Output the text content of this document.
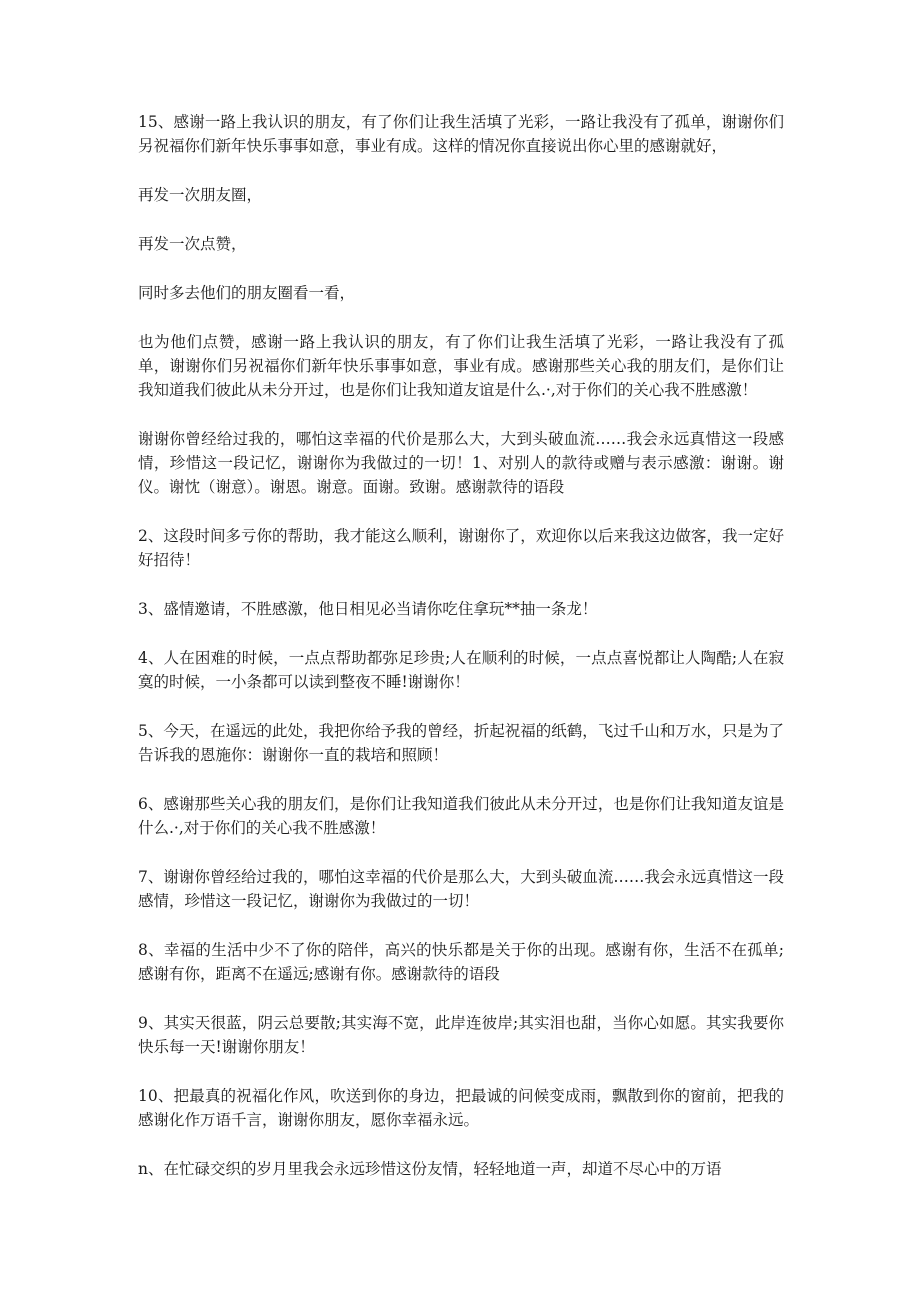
15、感谢一路上我认识的朋友，有了你们让我生活填了光彩，一路让我没有了孤单，谢谢你们另祝福你们新年快乐事事如意，事业有成。这样的情况你直接说出你心里的感谢就好，

再发一次朋友圈，

再发一次点赞，

同时多去他们的朋友圈看一看，

也为他们点赞，感谢一路上我认识的朋友，有了你们让我生活填了光彩，一路让我没有了孤单，谢谢你们另祝福你们新年快乐事事如意，事业有成。感谢那些关心我的朋友们，是你们让我知道我们彼此从未分开过，也是你们让我知道友谊是什么.·,对于你们的关心我不胜感激！

谢谢你曾经给过我的，哪怕这幸福的代价是那么大，大到头破血流……我会永远真惜这一段感情，珍惜这一段记忆，谢谢你为我做过的一切！1、对别人的款待或赠与表示感激：谢谢。谢仪。谢忱（谢意）。谢恩。谢意。面谢。致谢。感谢款待的语段

2、这段时间多亏你的帮助，我才能这么顺利，谢谢你了，欢迎你以后来我这边做客，我一定好好招待！

3、盛情邀请，不胜感激，他日相见必当请你吃住拿玩**抽一条龙！

4、人在困难的时候，一点点帮助都弥足珍贵;人在顺利的时候，一点点喜悦都让人陶酷;人在寂寞的时候，一小条都可以读到整夜不睡!谢谢你！

5、今天，在遥远的此处，我把你给予我的曾经，折起祝福的纸鹤，飞过千山和万水，只是为了告诉我的恩施你：谢谢你一直的栽培和照顾！

6、感谢那些关心我的朋友们，是你们让我知道我们彼此从未分开过，也是你们让我知道友谊是什么.·,对于你们的关心我不胜感激！

7、谢谢你曾经给过我的，哪怕这幸福的代价是那么大，大到头破血流……我会永远真惜这一段感情，珍惜这一段记忆，谢谢你为我做过的一切！

8、幸福的生活中少不了你的陪伴，高兴的快乐都是关于你的出现。感谢有你，生活不在孤单;感谢有你，距离不在遥远;感谢有你。感谢款待的语段

9、其实天很蓝，阴云总要散;其实海不宽，此岸连彼岸;其实泪也甜，当你心如愿。其实我要你快乐每一天!谢谢你朋友！

10、把最真的祝福化作风，吹送到你的身边，把最诚的问候变成雨，飘散到你的窗前，把我的感谢化作万语千言，谢谢你朋友，愿你幸福永远。

n、在忙碌交织的岁月里我会永远珍惜这份友情，轻轻地道一声，却道不尽心中的万语
